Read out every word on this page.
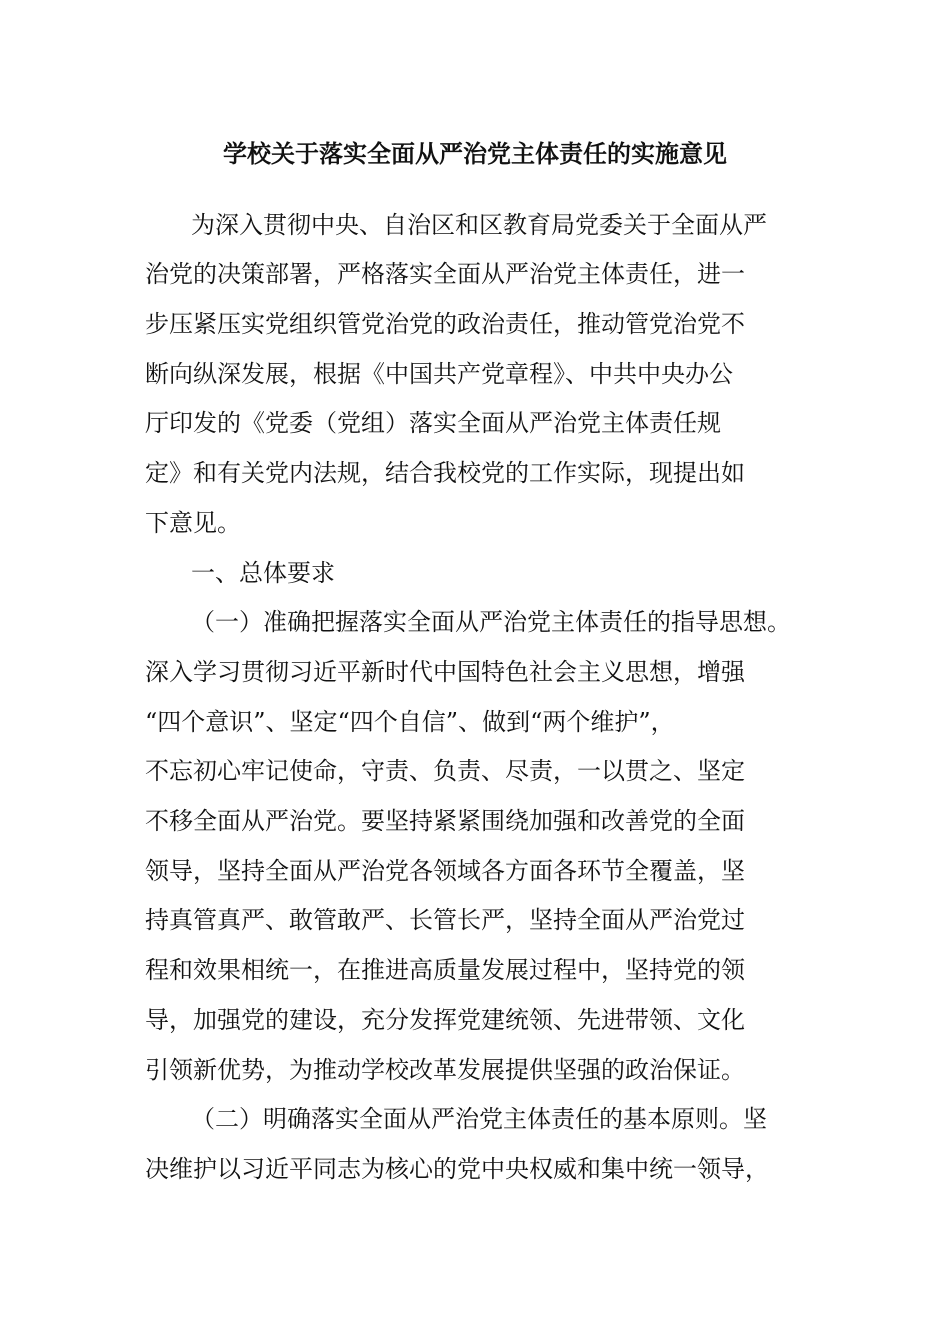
学校关于落实全面从严治党主体责任的实施意见

为深入贯彻中央、自治区和区教育局党委关于全面从严

治党的决策部署，严格落实全面从严治党主体责任，进一

步压紧压实党组织管党治党的政治责任，推动管党治党不

断向纵深发展，根据《中国共产党章程》、中共中央办公

厅印发的《党委（党组）落实全面从严治党主体责任规

定》和有关党内法规，结合我校党的工作实际，现提出如

下意见。

一、总体要求

（一）准确把握落实全面从严治党主体责任的指导思想。

深入学习贯彻习近平新时代中国特色社会主义思想，增强

“四个意识”、坚定“四个自信”、做到“两个维护”，

不忘初心牢记使命，守责、负责、尽责，一以贯之、坚定

不移全面从严治党。要坚持紧紧围绕加强和改善党的全面

领导，坚持全面从严治党各领域各方面各环节全覆盖，坚

持真管真严、敢管敢严、长管长严，坚持全面从严治党过

程和效果相统一，在推进高质量发展过程中，坚持党的领

导，加强党的建设，充分发挥党建统领、先进带领、文化

引领新优势，为推动学校改革发展提供坚强的政治保证。

（二）明确落实全面从严治党主体责任的基本原则。坚

决维护以习近平同志为核心的党中央权威和集中统一领导，
